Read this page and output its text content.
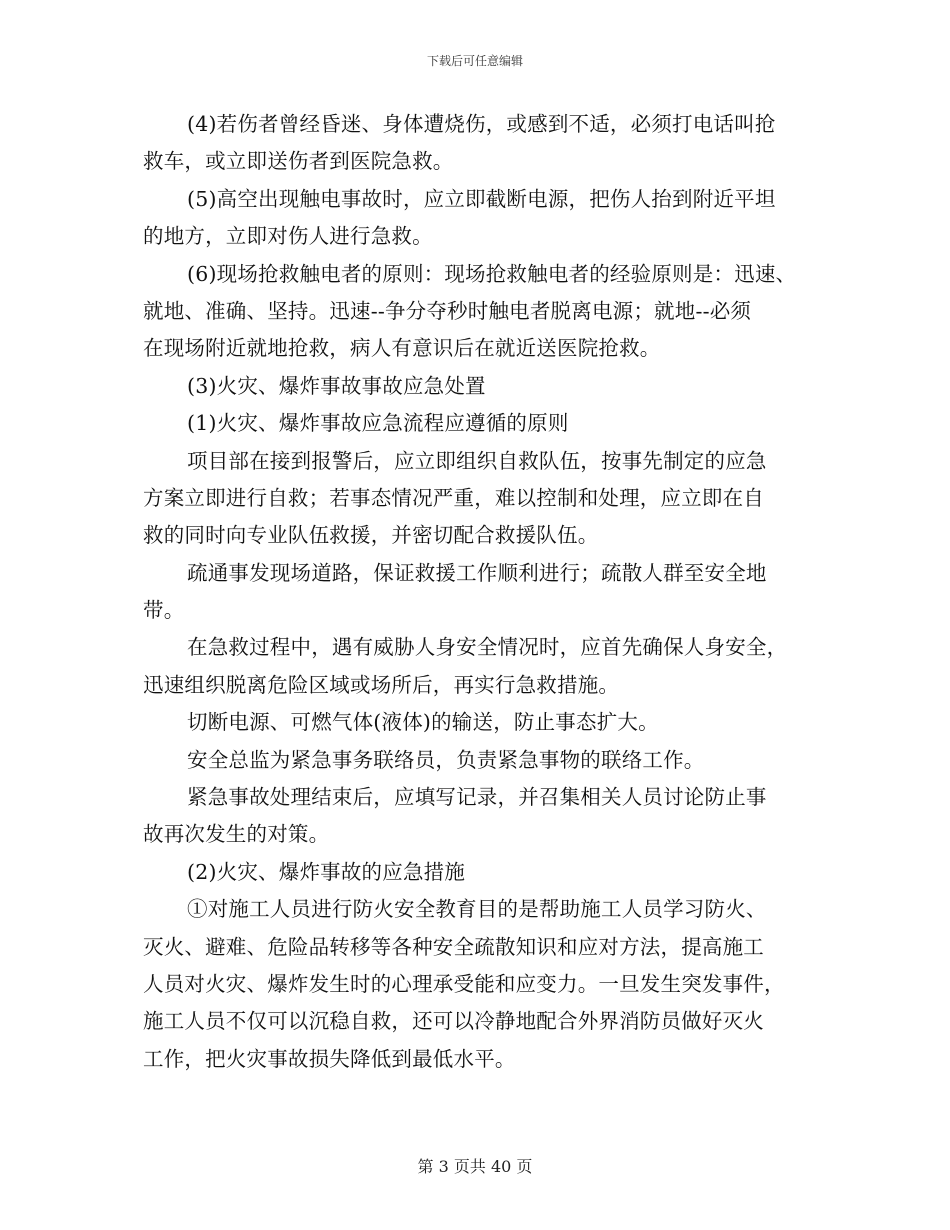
下载后可任意编辑
(4)若伤者曾经昏迷、身体遭烧伤，或感到不适，必须打电话叫抢
救车，或立即送伤者到医院急救。
(5)高空出现触电事故时，应立即截断电源，把伤人抬到附近平坦
的地方，立即对伤人进行急救。
(6)现场抢救触电者的原则：现场抢救触电者的经验原则是：迅速、
就地、准确、坚持。迅速--争分夺秒时触电者脱离电源；就地--必须
在现场附近就地抢救，病人有意识后在就近送医院抢救。
(3)火灾、爆炸事故事故应急处置
(1)火灾、爆炸事故应急流程应遵循的原则
项目部在接到报警后，应立即组织自救队伍，按事先制定的应急
方案立即进行自救；若事态情况严重，难以控制和处理，应立即在自
救的同时向专业队伍救援，并密切配合救援队伍。
疏通事发现场道路，保证救援工作顺利进行；疏散人群至安全地
带。
在急救过程中，遇有威胁人身安全情况时，应首先确保人身安全，
迅速组织脱离危险区域或场所后，再实行急救措施。
切断电源、可燃气体(液体)的输送，防止事态扩大。
安全总监为紧急事务联络员，负责紧急事物的联络工作。
紧急事故处理结束后，应填写记录，并召集相关人员讨论防止事
故再次发生的对策。
(2)火灾、爆炸事故的应急措施
①对施工人员进行防火安全教育目的是帮助施工人员学习防火、
灭火、避难、危险品转移等各种安全疏散知识和应对方法，提高施工
人员对火灾、爆炸发生时的心理承受能和应变力。一旦发生突发事件，
施工人员不仅可以沉稳自救，还可以冷静地配合外界消防员做好灭火
工作，把火灾事故损失降低到最低水平。
第 3 页共 40 页
